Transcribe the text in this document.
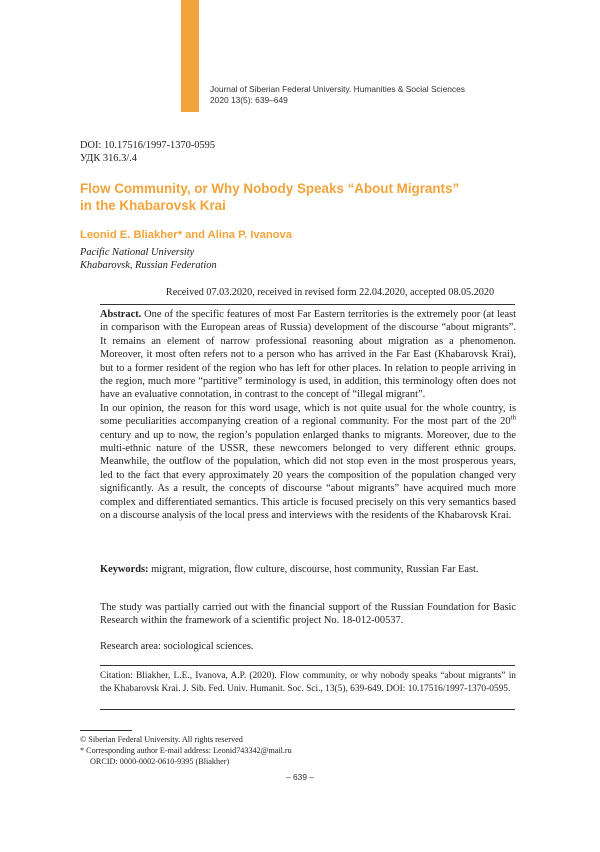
Journal of Siberian Federal University. Humanities & Social Sciences
2020 13(5): 639–649
DOI: 10.17516/1997-1370-0595
УДК 316.3/.4
Flow Community, or Why Nobody Speaks “About Migrants”
in the Khabarovsk Krai
Leonid E. Bliakher* and Alina P. Ivanova
Pacific National University
Khabarovsk, Russian Federation
Received 07.03.2020, received in revised form 22.04.2020, accepted 08.05.2020

Abstract. One of the specific features of most Far Eastern territories is the extremely poor (at least in comparison with the European areas of Russia) development of the discourse “about migrants”. It remains an element of narrow professional reasoning about migration as a phenomenon. Moreover, it most often refers not to a person who has arrived in the Far East (Khabarovsk Krai), but to a former resident of the region who has left for other places. In relation to people arriving in the region, much more “partitive” terminology is used, in addition, this terminology often does not have an evaluative connotation, in contrast to the concept of “illegal migrant”.

In our opinion, the reason for this word usage, which is not quite usual for the whole country, is some peculiarities accompanying creation of a regional community. For the most part of the 20th century and up to now, the region’s population enlarged thanks to migrants. Moreover, due to the multi-ethnic nature of the USSR, these newcomers belonged to very different ethnic groups. Meanwhile, the outflow of the population, which did not stop even in the most prosperous years, led to the fact that every approximately 20 years the composition of the population changed very significantly. As a result, the concepts of discourse “about migrants” have acquired much more complex and differentiated semantics. This article is focused precisely on this very semantics based on a discourse analysis of the local press and interviews with the residents of the Khabarovsk Krai.

Keywords: migrant, migration, flow culture, discourse, host community, Russian Far East.

The study was partially carried out with the financial support of the Russian Foundation for Basic Research within the framework of a scientific project No. 18-012-00537.

Research area: sociological sciences.

Citation: Bliakher, L.E., Ivanova, A.P. (2020). Flow community, or why nobody speaks “about migrants” in the Khabarovsk Krai. J. Sib. Fed. Univ. Humanit. Soc. Sci., 13(5), 639-649. DOI: 10.17516/1997-1370-0595.

© Siberian Federal University. All rights reserved
* Corresponding author E-mail address: Leonid743342@mail.ru
ORCID: 0000-0002-0610-9395 (Bliakher)
– 639 –
